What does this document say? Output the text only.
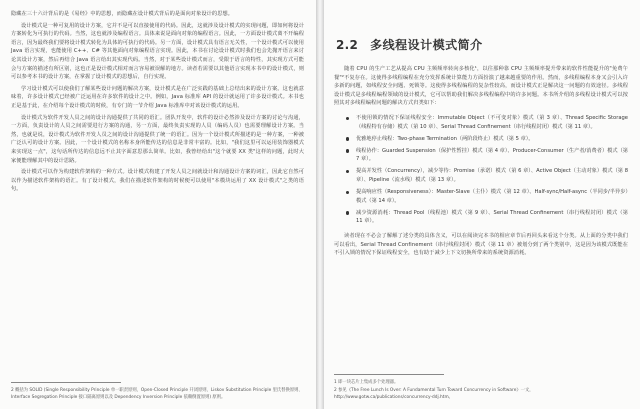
隐藏在三十六计背后的是《易经》中的思想，而隐藏在设计模式背后的是面向对象设计的思想。

设计模式是一种可复用的设计方案，它并不是可以直接使用的代码。因此，这就涉及设计模式的实现问题，即如何将设计方案转化为可执行的代码。当然，这也就涉及编程语言。具体来说是面向对象的编程语言。因此，一方面设计模式离不开编程语言，因为最终我们要将设计模式转化为具体的可执行的代码。另一方面，设计模式具有语言无关性，一个设计模式可以使用 Java 语言实现，也能使用 C++、C# 等其他面向对象编程语言实现。因此，本书在讨论设计模式时我们也会先抛开语言来讨论其设计方案，然后再结合 Java 语言给出其实现代码。当然，对于某些设计模式而言，受限于语言的特性，其实现方式可能会与方案的描述有所区别，这也正是设计模式相对而言容易被误解的地方。读者若需要以其他语言实现本书中的设计模式，则可以参考本书的设计方案，在掌握了设计模式的思想后，自行实现。

学习设计模式可以使我们了解某些设计问题的解决方案，设计模式是在广泛实践的基础上总结出来的设计方案。这也就意味着，许多设计模式已经被广泛运用在许多软件的设计之中。例如，Java 标准库 API 的设计就运用了许多设计模式。本书也正是基于此，在介绍每个设计模式的时候，有专门的一节介绍 Java 标准库中对该设计模式的运用。

设计模式为软件开发人员之间的设计沟通提供了共同的语汇。团队开发中，软件的设计必然涉及设计方案的讨论与沟通，一方面，负责设计的人员之间需要进行方案的沟通，另一方面，最终负责实现的人员（编码人员）也需要理解设计方案。当然，也就是说，设计模式为软件开发人员之间的设计沟通提供了统一的语汇。因为一个设计模式所描述的是一种方案，一种被广泛认可的设计方案。因此，一个设计模式的名称本身所能传达的信息是非常丰富的。比如，"我们这里可以运用装饰器模式来实现这一点"，这句话所传达的信息远不止其字面意思那么简单。比如，我曾经给出"这个就要 XX 类"这样的问题，此时大家便能理解其中的设计思路。

设计模式可以作为构建软件架构的一种方式。设计模式构建了开发人员之间就设计和沟通设计方案的词汇，因此它自然可以作为描述软件架构的语汇。有了设计模式，我们在描述软件架构的时候便可以使用"本模块运用了 XX 设计模式"之类的语句。

2 概括为 SOLID (Single Responsibility Principle 单一职责原则、Open-Closed Principle 开闭原则、Liskov Substitution Principle 里氏替换原则、Interface Segregation Principle 接口隔离原则以及 Dependency Inversion Principle 依赖倒置原则) 原则。

2.2 多线程设计模式简介

随着 CPU 的生产工艺从提高 CPU 主频频率转向多核化¹，以往那种靠 CPU 主频频率提升带来的软件性能提升的"免费午餐"²不复存在。这使得多线程编程在充分发挥系统计算能力方面扮演了越来越重要的作用。然而，多线程编程本身又会引入许多新的问题，如线程安全问题、死锁等。这使得多线程编程的复杂性较高，而设计模式正是解决这一问题的有效途径。多线程设计模式是多线程编程领域的设计模式，它可以帮助我们解决多线程编程中的许多问题。本书所介绍的多线程设计模式可以按照其对多线程编程问题的解决方式归类如下：

不使用锁的情况下保证线程安全：Immutable Object（不可变对象）模式（第 3 章）、Thread Specific Storage（线程特有存储）模式（第 10 章）、Serial Thread Confinement（串行线程封闭）模式（第 11 章）。
优雅地停止线程：Two-phase Termination（两阶段终止）模式（第 5 章）。
线程协作：Guarded Suspension（保护性暂挂）模式（第 4 章）、Producer-Consumer（生产者/消费者）模式（第 7 章）。
提高并发性（Concurrency），减少等待：Promise（承诺）模式（第 6 章）、Active Object（主动对象）模式（第 8 章）、Pipeline（流水线）模式（第 13 章）。
提高响应性（Responsiveness）：Master-Slave（主仆）模式（第 12 章）、Half-sync/Half-async（半同步/半异步）模式（第 14 章）。
减少资源消耗：Thread Pool（线程池）模式（第 9 章）、Serial Thread Confinement（串行线程封闭）模式（第 11 章）。

读者现在不必会了解解了述分类的具体含义，可以在阅读完本书的相应章节后再回头来看这个分类。从上面的分类中我们可以看出，Serial Thread Confinement（串行线程封闭）模式（第 11 章）被划分到了两个类别中，这是因为该模式既能在不引入锁的情况下保证线程安全，也有助于减少上下文切换所带来的系统资源消耗。

1 即一块芯片上集成多个处理器。

2 参见《The Free Lunch Is Over: A Fundamental Turn Toward Concurrency in Software》一文，http://www.gotw.ca/publications/concurrency-ddj.htm。
